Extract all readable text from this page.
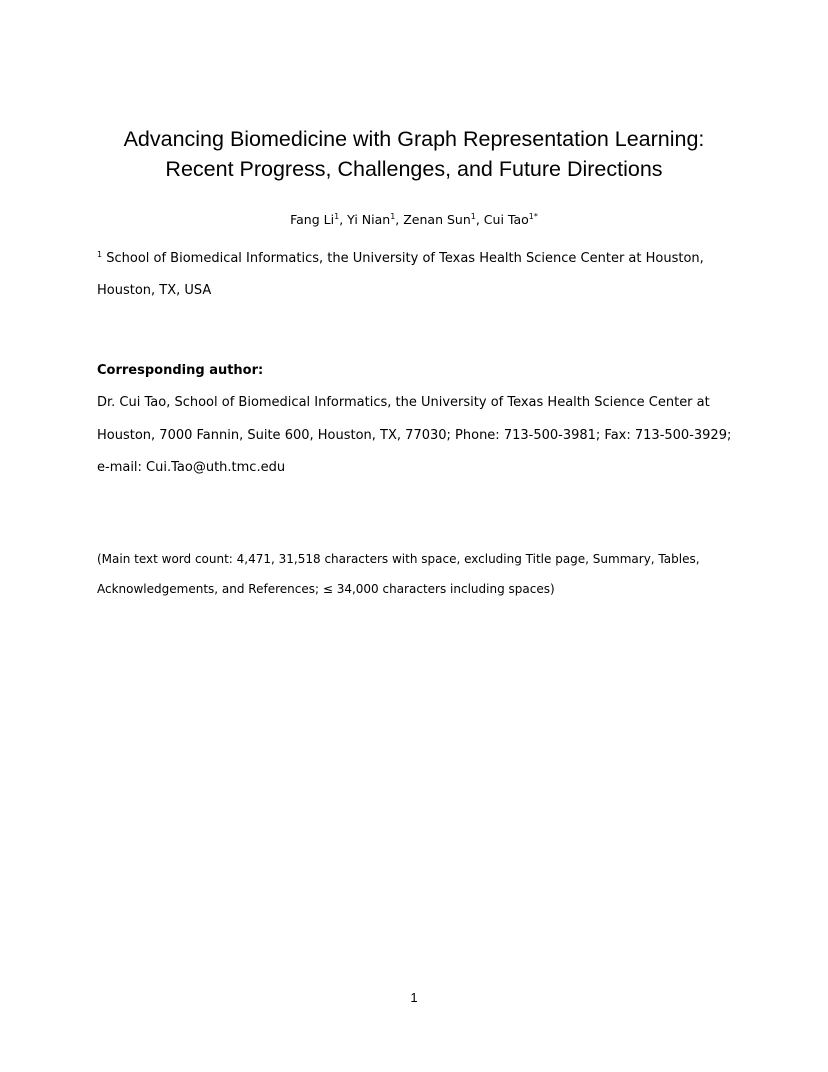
Advancing Biomedicine with Graph Representation Learning:
Recent Progress, Challenges, and Future Directions
Fang Li$^1$, Yi Nian$^1$, Zenan Sun$^1$, Cui Tao$^{1*}$
$^1$ School of Biomedical Informatics, the University of Texas Health Science Center at Houston,
Houston, TX, USA
Corresponding author:
Dr. Cui Tao, School of Biomedical Informatics, the University of Texas Health Science Center at
Houston, 7000 Fannin, Suite 600, Houston, TX, 77030; Phone: 713-500-3981; Fax: 713-500-3929;
e-mail: Cui.Tao@uth.tmc.edu
(Main text word count: 4,471, 31,518 characters with space, excluding Title page, Summary, Tables,
Acknowledgements, and References; ≤ 34,000 characters including spaces)
1
